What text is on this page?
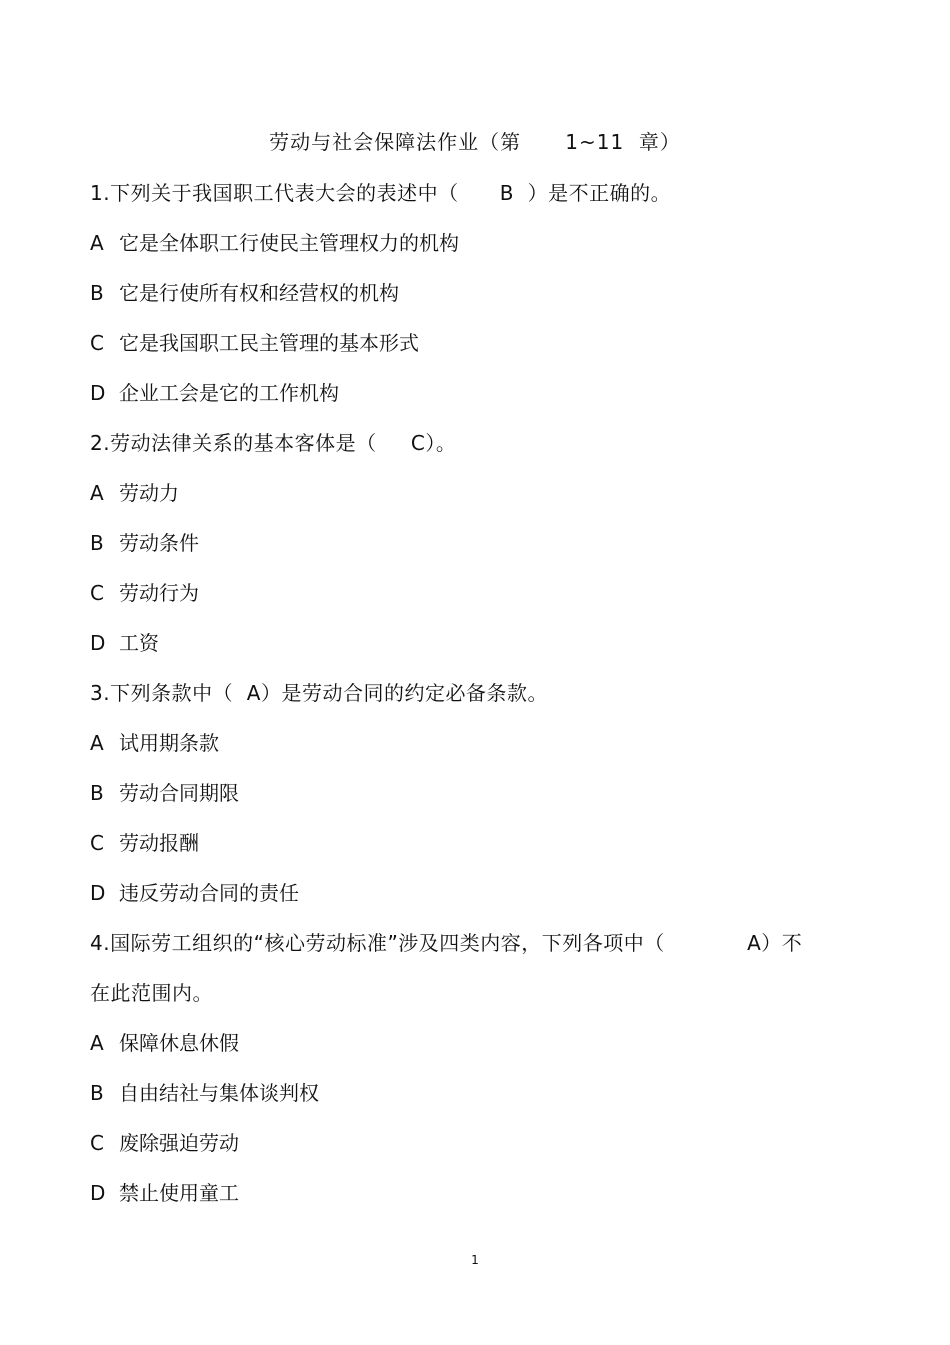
劳动与社会保障法作业（第      1~11  章）
1.下列关于我国职工代表大会的表述中（      B  ）是不正确的。
A 它是全体职工行使民主管理权力的机构
B 它是行使所有权和经营权的机构
C 它是我国职工民主管理的基本形式
D 企业工会是它的工作机构
2.劳动法律关系的基本客体是（     C）。
A 劳动力
B 劳动条件
C 劳动行为
D 工资
3.下列条款中（  A）是劳动合同的约定必备条款。
A 试用期条款
B 劳动合同期限
C 劳动报酬
D 违反劳动合同的责任
4.国际劳工组织的“核心劳动标准”涉及四类内容，下列各项中（            A）不
在此范围内。
A 保障休息休假
B 自由结社与集体谈判权
C 废除强迫劳动
D 禁止使用童工
1
